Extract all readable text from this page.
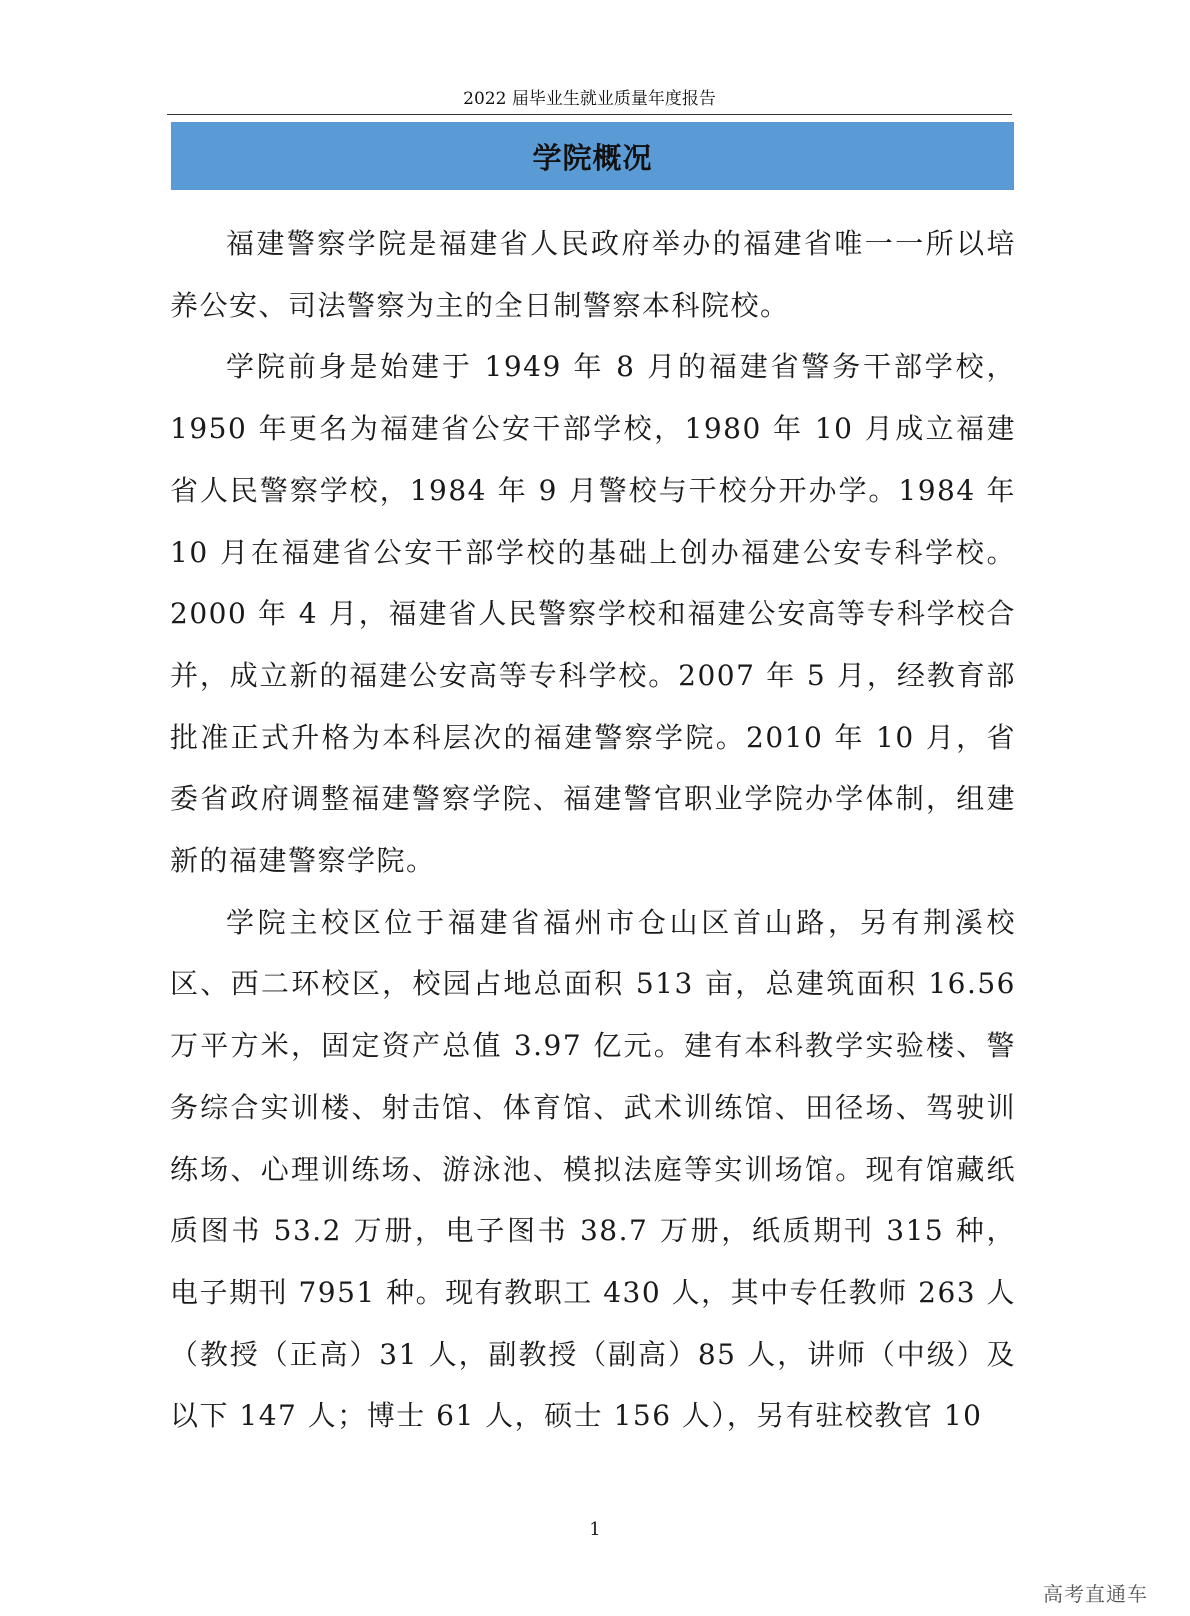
2022 届毕业生就业质量年度报告
学院概况

福建警察学院是福建省人民政府举办的福建省唯一一所以培养公安、司法警察为主的全日制警察本科院校。

学院前身是始建于 1949 年 8 月的福建省警务干部学校，1950 年更名为福建省公安干部学校，1980 年 10 月成立福建省人民警察学校，1984 年 9 月警校与干校分开办学。1984 年 10 月在福建省公安干部学校的基础上创办福建公安专科学校。2000 年 4 月，福建省人民警察学校和福建公安高等专科学校合并，成立新的福建公安高等专科学校。2007 年 5 月，经教育部批准正式升格为本科层次的福建警察学院。2010 年 10 月，省委省政府调整福建警察学院、福建警官职业学院办学体制，组建新的福建警察学院。

学院主校区位于福建省福州市仓山区首山路，另有荆溪校区、西二环校区，校园占地总面积 513 亩，总建筑面积 16.56 万平方米，固定资产总值 3.97 亿元。建有本科教学实验楼、警务综合实训楼、射击馆、体育馆、武术训练馆、田径场、驾驶训练场、心理训练场、游泳池、模拟法庭等实训场馆。现有馆藏纸质图书 53.2 万册，电子图书 38.7 万册，纸质期刊 315 种，电子期刊 7951 种。现有教职工 430 人，其中专任教师 263 人（教授（正高）31 人，副教授（副高）85 人，讲师（中级）及以下 147 人；博士 61 人，硕士 156 人），另有驻校教官 10

1
高考直通车
